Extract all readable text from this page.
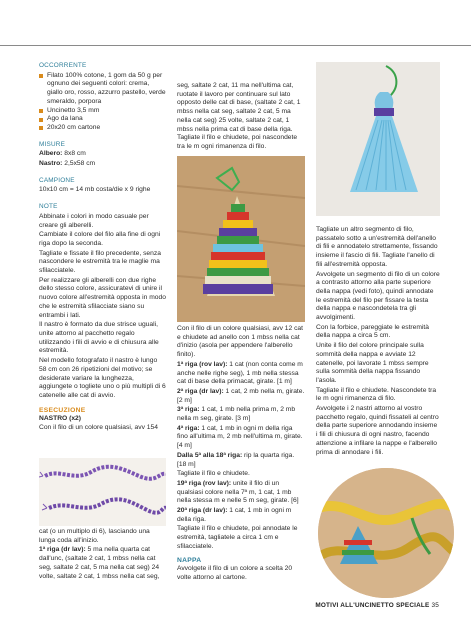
OCCORRENTE
Filato 100% cotone, 1 gom da 50 g per ognuno dei seguenti colori: crema, giallo oro, rosso, azzurro pastello, verde smeraldo, porpora
Uncinetto 3,5 mm
Ago da lana
20x20 cm cartone
MISURE
Albero: 8x8 cm
Nastro: 2,5x58 cm
CAMPIONE
10x10 cm = 14 mb costa/die x 9 righe
NOTE
Abbinate i colori in modo casuale per creare gli alberelli.
Cambiate il colore del filo alla fine di ogni riga dopo la seconda.
Tagliate e fissate il filo precedente, senza nascondere le estremità tra le maglie ma sfilacciatele.
Per realizzare gli alberelli con due righe dello stesso colore, assicuratevi di unire il nuovo colore all'estremità opposta in modo che le estremità sfilacciate siano su entrambi i lati.
Il nastro è formato da due strisce uguali, unite attorno al pacchetto regalo utilizzando i fili di avvio e di chiusura alle estremità.
Nel modello fotografato il nastro è lungo 58 cm con 26 ripetizioni del motivo; se desiderate variare la lunghezza, aggiungete o togliete uno o più multipli di 6 catenelle alle cat di avvio.
ESECUZIONE
NASTRO (x2)
Con il filo di un colore qualsiasi, avv 154
cat (o un multiplo di 6), lasciando una lunga coda all'inizio.
1ª riga (dr lav): 5 ma nella quarta cat dall'unc, (saltate 2 cat, 1 mbss nella cat seg, saltate 2 cat, 5 ma nella cat seg) 24 volte, saltate 2 cat, 1 mbss nella cat seg,
seg, saltate 2 cat, 11 ma nell'ultima cat, ruotate il lavoro per continuare sul lato opposto delle cat di base, (saltate 2 cat, 1 mbss nella cat seg, saltate 2 cat, 5 ma nella cat seg) 25 volte, saltate 2 cat, 1 mbss nella prima cat di base della riga. Tagliate il filo e chiudete, poi nascondete tra le m ogni rimanenza di filo.
Con il filo di un colore qualsiasi, avv 12 cat e chiudete ad anello con 1 mbss nella cat d'inizio (asola per appendere l'alberello finito).
1ª riga (rov lav): 1 cat (non conta come m anche nelle righe seg), 1 mb nella stessa cat di base della primacat, girate. [1 m]
2ª riga (dr lav): 1 cat, 2 mb nella m, girate. [2 m]
3ª riga: 1 cat, 1 mb nella prima m, 2 mb nella m seg, girate. [3 m]
4ª riga: 1 cat, 1 mb in ogni m della riga fino all'ultima m, 2 mb nell'ultima m, girate. [4 m]
Dalla 5ª alla 18ª riga: rip la quarta riga. [18 m]
Tagliate il filo e chiudete.
19ª riga (rov lav): unite il filo di un qualsiasi colore nella 7ª m, 1 cat, 1 mb nella stessa m e nelle 5 m seg, girate. [6]
20ª riga (dr lav): 1 cat, 1 mb in ogni m della riga.
Tagliate il filo e chiudete, poi annodate le estremità, tagliatele a circa 1 cm e sfilacciatele.
NAPPA
Avvolgete il filo di un colore a scelta 20 volte attorno al cartone.
Tagliate un altro segmento di filo, passatelo sotto a un'estremità dell'anello di fili e annodatelo strettamente, fissando insieme il fascio di fili. Tagliate l'anello di fili all'estremità opposta.
Avvolgete un segmento di filo di un colore a contrasto attorno alla parte superiore della nappa (vedi foto), quindi annodate le estremità del filo per fissare la testa della nappa e nascondetela tra gli avvolgimenti.
Con la forbice, pareggiate le estremità della nappa a circa 5 cm.
Unite il filo del colore principale sulla sommità della nappa e avviate 12 catenelle, poi lavorate 1 mbss sempre sulla sommità della nappa fissando l'asola.
Tagliate il filo e chiudete. Nascondete tra le m ogni rimanenza di filo.
Avvolgete i 2 nastri attorno al vostro pacchetto regalo, quindi fissateli al centro della parte superiore annodando insieme i fili di chiusura di ogni nastro, facendo attenzione a infilare la nappe e l'alberello prima di annodare i fili.
MOTIVI ALL'UNCINETTO SPECIALE 35
